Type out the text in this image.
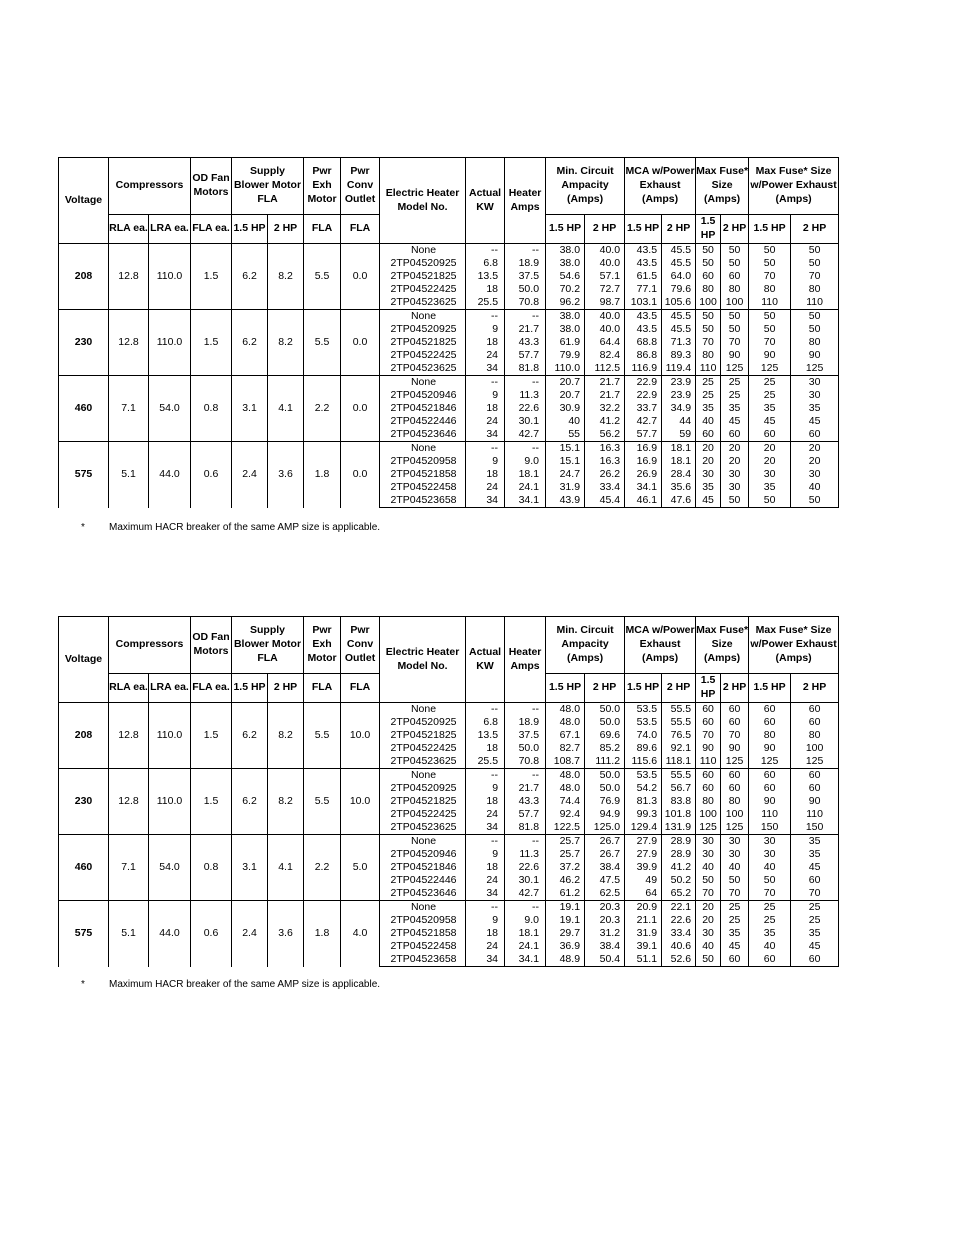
Voltage	Compressors		OD Fan Motors	Supply Blower Motor FLA		Pwr Exh Motor	Pwr Conv Outlet	Electric Heater Model No.	Actual KW	Heater Amps	Min. Circuit Ampacity (Amps)		MCA w/Power Exhaust (Amps)		Max Fuse* Size (Amps)		Max Fuse* Size w/Power Exhaust (Amps)	
	RLA ea.	LRA ea.	FLA ea.	1.5 HP	2 HP	FLA	FLA				1.5 HP	2 HP	1.5 HP	2 HP	1.5 HP	2 HP	1.5 HP	2 HP
208	12.8	110.0	1.5	6.2	8.2	5.5	0.0	None	--	--	38.0	40.0	43.5	45.5	50	50	50	50
								2TP04520925	6.8	18.9	38.0	40.0	43.5	45.5	50	50	50	50
								2TP04521825	13.5	37.5	54.6	57.1	61.5	64.0	60	60	70	70
								2TP04522425	18	50.0	70.2	72.7	77.1	79.6	80	80	80	80
								2TP04523625	25.5	70.8	96.2	98.7	103.1	105.6	100	100	110	110
230	12.8	110.0	1.5	6.2	8.2	5.5	0.0	None	--	--	38.0	40.0	43.5	45.5	50	50	50	50
								2TP04520925	9	21.7	38.0	40.0	43.5	45.5	50	50	50	50
								2TP04521825	18	43.3	61.9	64.4	68.8	71.3	70	70	70	80
								2TP04522425	24	57.7	79.9	82.4	86.8	89.3	80	90	90	90
								2TP04523625	34	81.8	110.0	112.5	116.9	119.4	110	125	125	125
460	7.1	54.0	0.8	3.1	4.1	2.2	0.0	None	--	--	20.7	21.7	22.9	23.9	25	25	25	30
								2TP04520946	9	11.3	20.7	21.7	22.9	23.9	25	25	25	30
								2TP04521846	18	22.6	30.9	32.2	33.7	34.9	35	35	35	35
								2TP04522446	24	30.1	40	41.2	42.7	44	40	45	45	45
								2TP04523646	34	42.7	55	56.2	57.7	59	60	60	60	60
575	5.1	44.0	0.6	2.4	3.6	1.8	0.0	None	--	--	15.1	16.3	16.9	18.1	20	20	20	20
								2TP04520958	9	9.0	15.1	16.3	16.9	18.1	20	20	20	20
								2TP04521858	18	18.1	24.7	26.2	26.9	28.4	30	30	30	30
								2TP04522458	24	24.1	31.9	33.4	34.1	35.6	35	30	35	40
								2TP04523658	34	34.1	43.9	45.4	46.1	47.6	45	50	50	50
* Maximum HACR breaker of the same AMP size is applicable.
Voltage	Compressors		OD Fan Motors	Supply Blower Motor FLA		Pwr Exh Motor	Pwr Conv Outlet	Electric Heater Model No.	Actual KW	Heater Amps	Min. Circuit Ampacity (Amps)		MCA w/Power Exhaust (Amps)		Max Fuse* Size (Amps)		Max Fuse* Size w/Power Exhaust (Amps)	
	RLA ea.	LRA ea.	FLA ea.	1.5 HP	2 HP	FLA	FLA				1.5 HP	2 HP	1.5 HP	2 HP	1.5 HP	2 HP	1.5 HP	2 HP
208	12.8	110.0	1.5	6.2	8.2	5.5	10.0	None	--	--	48.0	50.0	53.5	55.5	60	60	60	60
								2TP04520925	6.8	18.9	48.0	50.0	53.5	55.5	60	60	60	60
								2TP04521825	13.5	37.5	67.1	69.6	74.0	76.5	70	70	80	80
								2TP04522425	18	50.0	82.7	85.2	89.6	92.1	90	90	90	100
								2TP04523625	25.5	70.8	108.7	111.2	115.6	118.1	110	125	125	125
230	12.8	110.0	1.5	6.2	8.2	5.5	10.0	None	--	--	48.0	50.0	53.5	55.5	60	60	60	60
								2TP04520925	9	21.7	48.0	50.0	54.2	56.7	60	60	60	60
								2TP04521825	18	43.3	74.4	76.9	81.3	83.8	80	80	90	90
								2TP04522425	24	57.7	92.4	94.9	99.3	101.8	100	100	110	110
								2TP04523625	34	81.8	122.5	125.0	129.4	131.9	125	125	150	150
460	7.1	54.0	0.8	3.1	4.1	2.2	5.0	None	--	--	25.7	26.7	27.9	28.9	30	30	30	35
								2TP04520946	9	11.3	25.7	26.7	27.9	28.9	30	30	30	35
								2TP04521846	18	22.6	37.2	38.4	39.9	41.2	40	40	40	45
								2TP04522446	24	30.1	46.2	47.5	49	50.2	50	50	50	60
								2TP04523646	34	42.7	61.2	62.5	64	65.2	70	70	70	70
575	5.1	44.0	0.6	2.4	3.6	1.8	4.0	None	--	--	19.1	20.3	20.9	22.1	20	25	25	25
								2TP04520958	9	9.0	19.1	20.3	21.1	22.6	20	25	25	25
								2TP04521858	18	18.1	29.7	31.2	31.9	33.4	30	35	35	35
								2TP04522458	24	24.1	36.9	38.4	39.1	40.6	40	45	40	45
								2TP04523658	34	34.1	48.9	50.4	51.1	52.6	50	60	60	60
* Maximum HACR breaker of the same AMP size is applicable.
